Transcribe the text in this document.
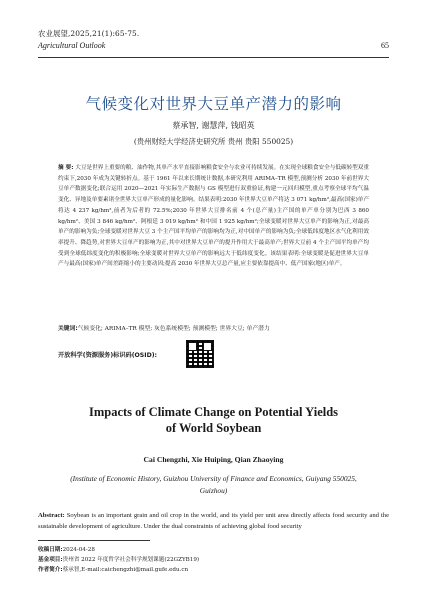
农业展望,2025,21(1):65-75.
Agricultural Outlook	65
气候变化对世界大豆单产潜力的影响
蔡承智, 谢慧萍, 钱昭英
(贵州财经大学经济史研究所 贵州 贵阳 550025)

摘 要: 大豆是世界上重要的粮、油作物,其单产水平直接影响粮食安全与农业可持续发展。在实现全球粮食安全与低碳转型双重约束下,2030 年成为关键转折点。基于 1961 年以来长期统计数据,本研究利用 ARIMA–TR 模型,预测分析 2030 年前世界大豆单产数据变化;联合运用 2020—2021 年实际生产数据与 GS 模型进行双重验证,构建一元回归模型,重点考察全球平均气温变化、异地及单要素诸全世界大豆单产形成的量化影响。结果表明:2030 年世界大豆单产将达 3 071 kg/hm²,最高(国家)单产将达 4 237 kg/hm²,前者为后者的 72.5%;2030 年世界大豆排名前 4 个(总产量)主产国的单产单分别为巴西 3 860 kg/hm²、美国 3 846 kg/hm²、阿根廷 3 019 kg/hm² 和中国 1 925 kg/hm²;全球变暖对世界大豆单产的影响为正,对最高单产的影响为负;全球变暖对世界大豆 3 个主产国平均单产的影响均为正,对中国单产的影响为负;全球低纬度地区水气化利用效率提升、降趋势,对世界大豆单产的影响为正,其中对世界大豆单产的提升作用大于最高单产;世界大豆前 4 个主产国平均单产均受到全球低纬度变化的积极影响;全球变暖对世界大豆单产的影响远大于低纬度变化。该结果表明:全球变暖是促进世界大豆单产与最高(国家)单产间差距缩小的主要动因;提高 2030 年世界大豆总产量,应主要依靠提高中、低产国家(地区)单产。

关键词:气候变化; ARIMA–TR 模型; 灰色系统模型; 预测模型; 世界大豆; 单产潜力

开放科学(资源服务)标识码(OSID):
Impacts of Climate Change on Potential Yields
of World Soybean
Cai Chengzhi, Xie Huiping, Qian Zhaoying
(Institute of Economic History, Guizhou University of Finance and Economics, Guiyang 550025, Guizhou)

Abstract: Soybean is an important grain and oil crop in the world, and its yield per unit area directly affects food security and the sustainable development of agriculture. Under the dual constraints of achieving global food security

收稿日期:2024-04-28
基金项目:贵州省 2022 年度哲学社会科学规划课题(22GZYB19)
作者简介:蔡承智,E-mail:caichengzhi@mail.gufe.edu.cn
